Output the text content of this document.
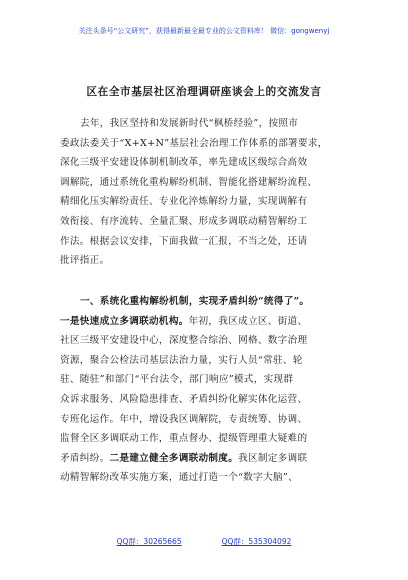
关注头条号“公文研究”，获得最新最全最专业的公文资料库！ 微信：gongwenyj
区在全市基层社区治理调研座谈会上的交流发言
去年，我区坚持和发展新时代“枫桥经验”，按照市
委政法委关于“X+X+N”基层社会治理工作体系的部署要求，
深化三级平安建设体制机制改革，率先建成区级综合高效
调解院，通过系统化重构解纷机制、智能化搭建解纷流程、
精细化压实解纷责任、专业化淬炼解纷力量，实现调解有
效衔接、有序流转、全量汇聚、形成多调联动精智解纷工
作法。根据会议安排，下面我做一汇报，不当之处，还请
批评指正。
一、系统化重构解纷机制，实现矛盾纠纷“统得了”。
一是快速成立多调联动机构。年初，我区成立区、街道、
社区三级平安建设中心，深度整合综治、网格、数字治理
资源，聚合公检法司基层法治力量，实行人员“常驻、轮
驻、随驻”和部门“平台法令，部门响应”模式，实现群
众诉求服务、风险隐患排查、矛盾纠纷化解实体化运营、
专班化运作。年中，增设我区调解院，专责统筹、协调、
监督全区多调联动工作，重点督办、提级管理重大疑难的
矛盾纠纷。二是建立健全多调联动制度。我区制定多调联
动精智解纷改革实施方案，通过打造一个“数字大脑”、
QQ群：30265665	QQ群：535304092
